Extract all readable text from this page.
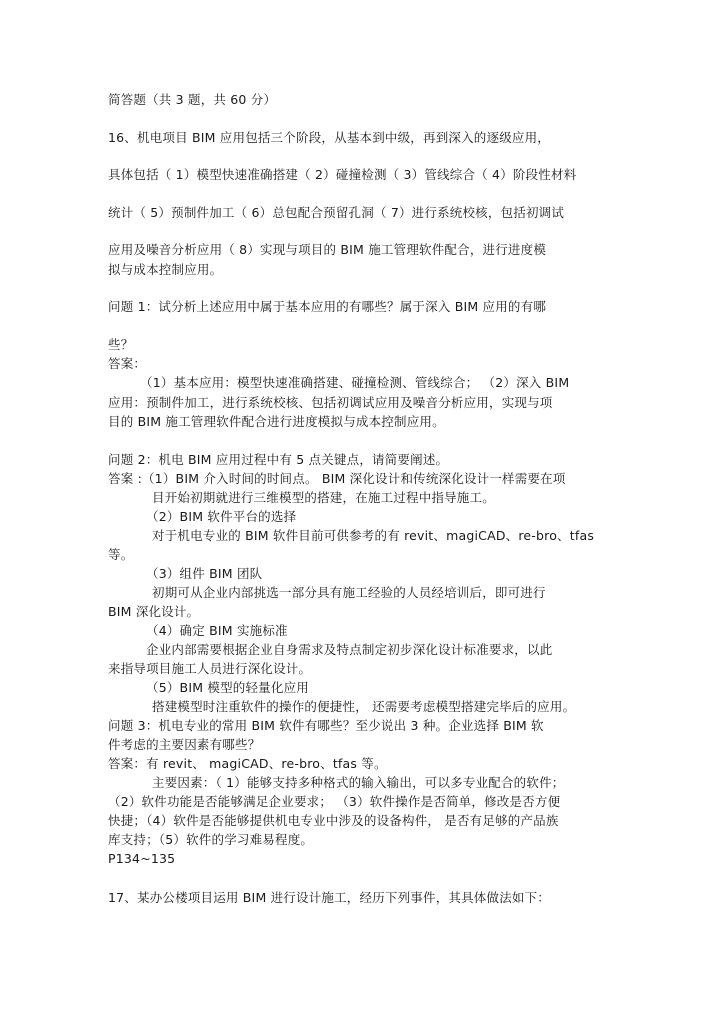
简答题（共 3 题，共 60 分）
16、机电项目 BIM 应用包括三个阶段，从基本到中级，再到深入的逐级应用，
具体包括（ 1）模型快速准确搭建（ 2）碰撞检测（ 3）管线综合（ 4）阶段性材料
统计（ 5）预制件加工（ 6）总包配合预留孔洞（ 7）进行系统校核，包括初调试
应用及噪音分析应用（ 8）实现与项目的 BIM 施工管理软件配合，进行进度模
拟与成本控制应用。
问题 1：试分析上述应用中属于基本应用的有哪些？属于深入 BIM 应用的有哪
些？
答案：
（1）基本应用：模型快速准确搭建、碰撞检测、管线综合； （2）深入 BIM
应用：预制件加工，进行系统校核、包括初调试应用及噪音分析应用，实现与项
目的 BIM 施工管理软件配合进行进度模拟与成本控制应用。
问题 2：机电 BIM 应用过程中有 5 点关键点，请简要阐述。
答案 :（1）BIM 介入时间的时间点。 BIM 深化设计和传统深化设计一样需要在项
目开始初期就进行三维模型的搭建，在施工过程中指导施工。
（2）BIM 软件平台的选择
对于机电专业的 BIM 软件目前可供参考的有 revit、magiCAD、re-bro、tfas
等。
（3）组件 BIM 团队
初期可从企业内部挑选一部分具有施工经验的人员经培训后，即可进行
BIM 深化设计。
（4）确定 BIM 实施标准
企业内部需要根据企业自身需求及特点制定初步深化设计标准要求，以此
来指导项目施工人员进行深化设计。
（5）BIM 模型的轻量化应用
搭建模型时注重软件的操作的便捷性， 还需要考虑模型搭建完毕后的应用。
问题 3：机电专业的常用 BIM 软件有哪些？至少说出 3 种。企业选择 BIM 软
件考虑的主要因素有哪些？
答案：有 revit、 magiCAD、re-bro、tfas 等。
主要因素：（ 1）能够支持多种格式的输入输出，可以多专业配合的软件；
（2）软件功能是否能够满足企业要求； （3）软件操作是否简单，修改是否方便
快捷；（4）软件是否能够提供机电专业中涉及的设备构件， 是否有足够的产品族
库支持；（5）软件的学习难易程度。
P134~135
17、某办公楼项目运用 BIM 进行设计施工，经历下列事件，其具体做法如下：
